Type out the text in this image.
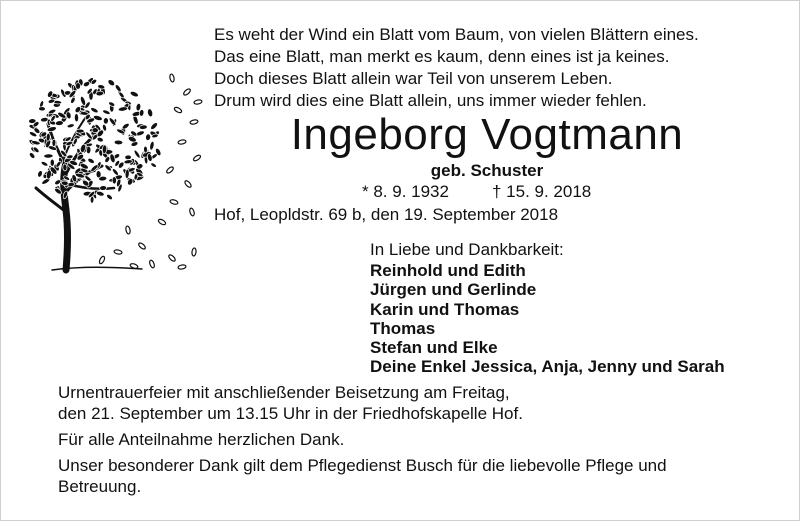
Es weht der Wind ein Blatt vom Baum, von vielen Blättern eines.
Das eine Blatt, man merkt es kaum, denn eines ist ja keines.
Doch dieses Blatt allein war Teil von unserem Leben.
Drum wird dies eine Blatt allein, uns immer wieder fehlen.
Ingeborg Vogtmann
geb. Schuster
* 8. 9. 1932	† 15. 9. 2018
Hof, Leopldstr. 69 b, den 19. September 2018
In Liebe und Dankbarkeit:
Reinhold und Edith
Jürgen und Gerlinde
Karin und Thomas
Thomas
Stefan und Elke
Deine Enkel Jessica, Anja, Jenny und Sarah
Urnentrauerfeier mit anschließender Beisetzung am Freitag,
den 21. September um 13.15 Uhr in der Friedhofskapelle Hof.
Für alle Anteilnahme herzlichen Dank.
Unser besonderer Dank gilt dem Pflegedienst Busch für die liebevolle Pflege und
Betreuung.
